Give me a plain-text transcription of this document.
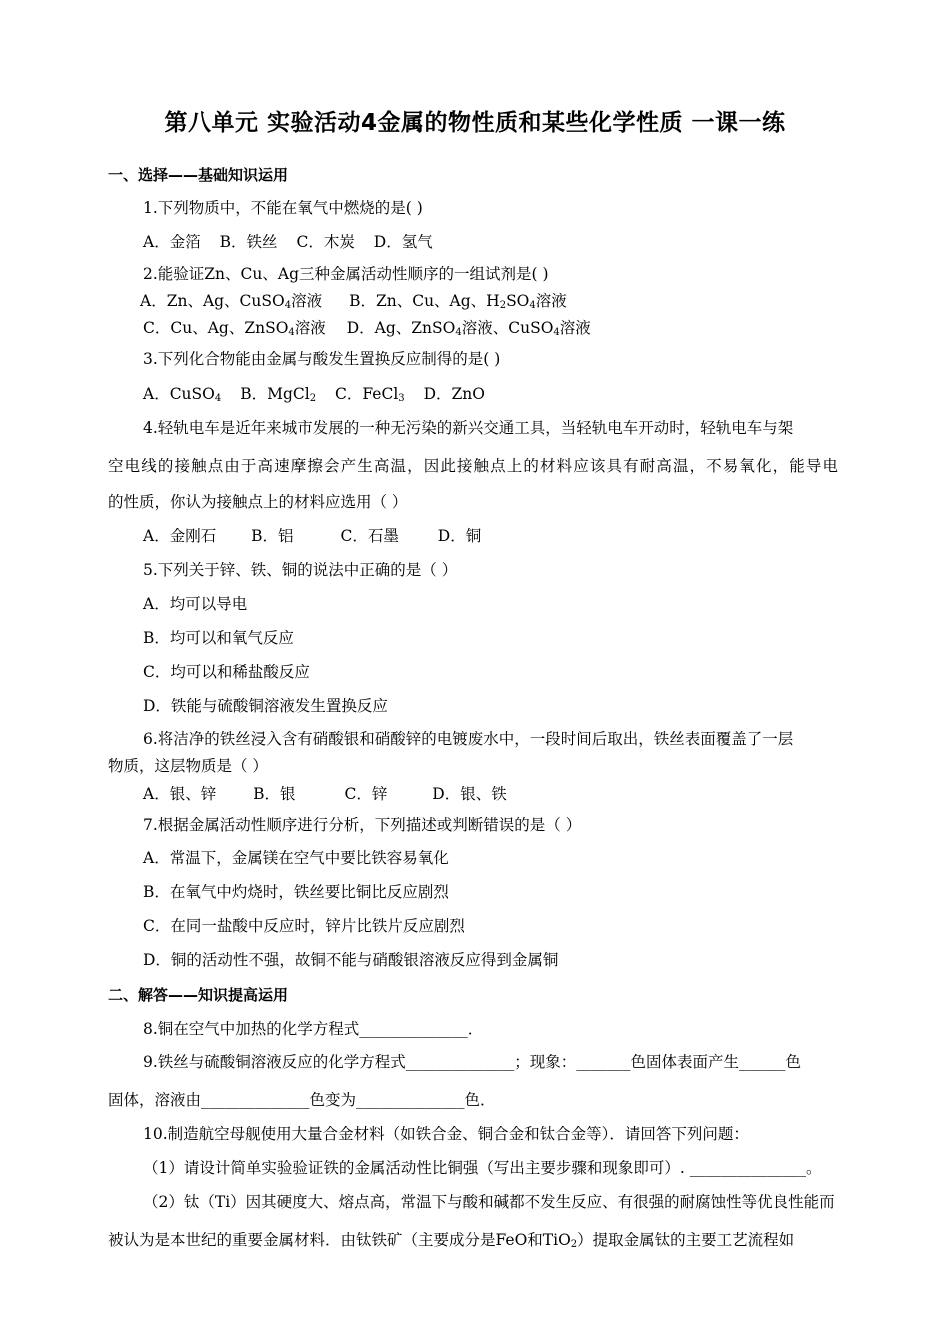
第八单元 实验活动4金属的物性质和某些化学性质 一课一练
一、选择——基础知识运用
1.下列物质中，不能在氧气中燃烧的是( )
A．金箔 B．铁丝 C．木炭 D．氢气
2.能验证Zn、Cu、Ag三种金属活动性顺序的一组试剂是( )
A．Zn、Ag、CuSO$_4$溶液 B．Zn、Cu、Ag、$H_2SO_4$溶液
C．Cu、Ag、ZnSO$_4$溶液 D．Ag、ZnSO$_4$溶液、CuSO$_4$溶液
3.下列化合物能由金属与酸发生置换反应制得的是( )
A．CuSO$_4$ B．MgCl$_2$ C．FeCl$_3$ D．ZnO
4.轻轨电车是近年来城市发展的一种无污染的新兴交通工具，当轻轨电车开动时，轻轨电车与架
空电线的接触点由于高速摩擦会产生高温，因此接触点上的材料应该具有耐高温，不易氧化，能导电
的性质，你认为接触点上的材料应选用（ ）
A．金刚石 B．铝	C．石墨	D．铜
5.下列关于锌、铁、铜的说法中正确的是（ ）
A．均可以导电
B．均可以和氧气反应
C．均可以和稀盐酸反应
D．铁能与硫酸铜溶液发生置换反应
6.将洁净的铁丝浸入含有硝酸银和硝酸锌的电镀废水中，一段时间后取出，铁丝表面覆盖了一层
物质，这层物质是（ ）
A．银、锌 B．银	C．锌	D．银、铁
7.根据金属活动性顺序进行分析，下列描述或判断错误的是（ ）
A．常温下，金属镁在空气中要比铁容易氧化
B．在氧气中灼烧时，铁丝要比铜比反应剧烈
C．在同一盐酸中反应时，锌片比铁片反应剧烈
D．铜的活动性不强，故铜不能与硝酸银溶液反应得到金属铜
二、解答——知识提高运用
8.铜在空气中加热的化学方程式______________．
9.铁丝与硫酸铜溶液反应的化学方程式______________；现象：_______色固体表面产生______色
固体，溶液由______________色变为______________色．
10.制造航空母舰使用大量合金材料（如铁合金、铜合金和钛合金等）．请回答下列问题：
（1）请设计简单实验验证铁的金属活动性比铜强（写出主要步骤和现象即可）. _______________。
（2）钛（Ti）因其硬度大、熔点高，常温下与酸和碱都不发生反应、有很强的耐腐蚀性等优良性能而
被认为是本世纪的重要金属材料．由钛铁矿（主要成分是FeO和TiO$_2$）提取金属钛的主要工艺流程如
